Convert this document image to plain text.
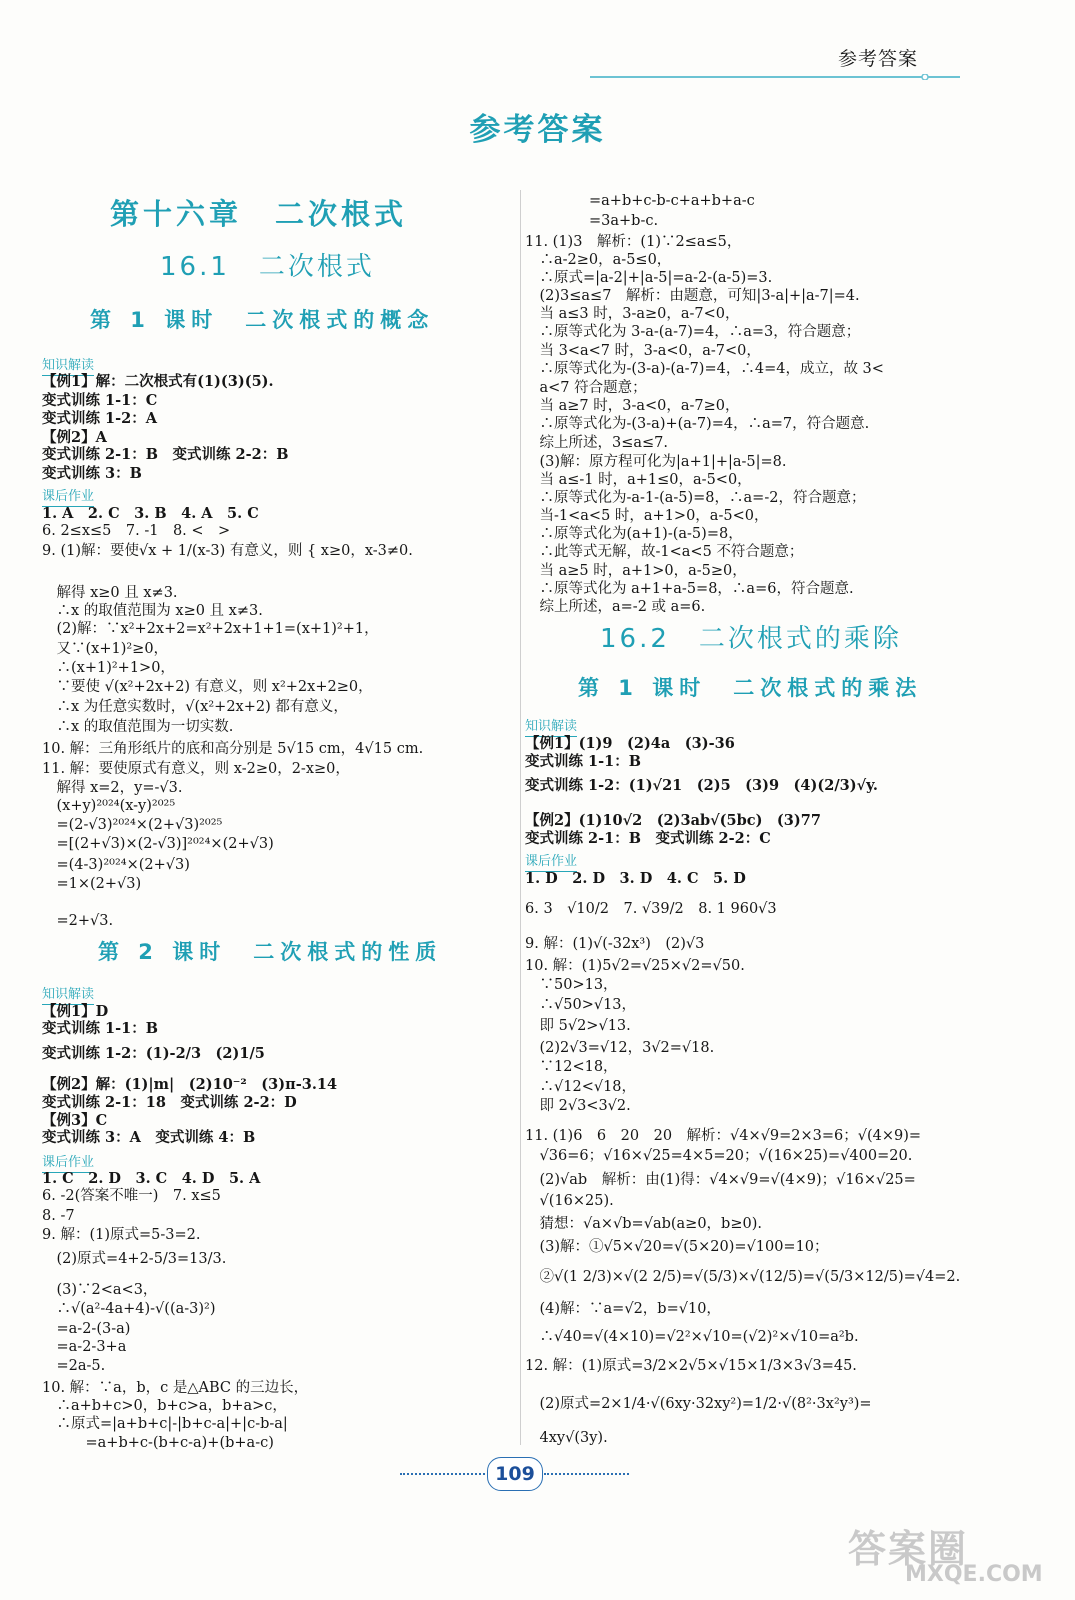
参考答案
参考答案
第十六章　二次根式
16.1　二次根式
第 1 课时　二次根式的概念
知识解读
【例1】解：二次根式有(1)(3)(5).
变式训练 1-1：C
变式训练 1-2：A
【例2】A
变式训练 2-1：B　变式训练 2-2：B
变式训练 3：B
课后作业
1. A　2. C　3. B　4. A　5. C
6. 2≤x≤5　7. -1　8. <　>
9. (1)解：要使√x + 1/(x-3) 有意义，则 { x≥0，x-3≠0.
　解得 x≥0 且 x≠3.
　∴x 的取值范围为 x≥0 且 x≠3.
　(2)解：∵x²+2x+2=x²+2x+1+1=(x+1)²+1，
　又∵(x+1)²≥0，
　∴(x+1)²+1>0，
　∵要使 √(x²+2x+2) 有意义，则 x²+2x+2≥0，
　∴x 为任意实数时，√(x²+2x+2) 都有意义，
　∴x 的取值范围为一切实数.
10. 解：三角形纸片的底和高分别是 5√15 cm，4√15 cm.
11. 解：要使原式有意义，则 x-2≥0，2-x≥0，
　解得 x=2，y=-√3.
　(x+y)²⁰²⁴(x-y)²⁰²⁵
　=(2-√3)²⁰²⁴×(2+√3)²⁰²⁵
　=[(2+√3)×(2-√3)]²⁰²⁴×(2+√3)
　=(4-3)²⁰²⁴×(2+√3)
　=1×(2+√3)
　=2+√3.
第 2 课时　二次根式的性质
知识解读
【例1】D
变式训练 1-1：B
变式训练 1-2：(1)-2/3　(2)1/5
【例2】解：(1)|m|　(2)10⁻²　(3)π-3.14
变式训练 2-1：18　变式训练 2-2：D
【例3】C
变式训练 3：A　变式训练 4：B
课后作业
1. C　2. D　3. C　4. D　5. A
6. -2(答案不唯一)　7. x≤5
8. -7
9. 解：(1)原式=5-3=2.
　(2)原式=4+2-5/3=13/3.
　(3)∵2<a<3，
　∴√(a²-4a+4)-√((a-3)²)
　=a-2-(3-a)
　=a-2-3+a
　=2a-5.
10. 解：∵a，b，c 是△ABC 的三边长，
　∴a+b+c>0，b+c>a，b+a>c，
　∴原式=|a+b+c|-|b+c-a|+|c-b-a|
　　　=a+b+c-(b+c-a)+(b+a-c)
　　=a+b+c-b-c+a+b+a-c
　　=3a+b-c.
11. (1)3　解析：(1)∵2≤a≤5，
　∴a-2≥0，a-5≤0，
　∴原式=|a-2|+|a-5|=a-2-(a-5)=3.
　(2)3≤a≤7　解析：由题意，可知|3-a|+|a-7|=4.
　当 a≤3 时，3-a≥0，a-7<0，
　∴原等式化为 3-a-(a-7)=4，∴a=3，符合题意；
　当 3<a<7 时，3-a<0，a-7<0，
　∴原等式化为-(3-a)-(a-7)=4，∴4=4，成立，故 3<
　a<7 符合题意；
　当 a≥7 时，3-a<0，a-7≥0，
　∴原等式化为-(3-a)+(a-7)=4，∴a=7，符合题意.
　综上所述，3≤a≤7.
　(3)解：原方程可化为|a+1|+|a-5|=8.
　当 a≤-1 时，a+1≤0，a-5<0，
　∴原等式化为-a-1-(a-5)=8，∴a=-2，符合题意；
　当-1<a<5 时，a+1>0，a-5<0，
　∴原等式化为(a+1)-(a-5)=8，
　∴此等式无解，故-1<a<5 不符合题意；
　当 a≥5 时，a+1>0，a-5≥0，
　∴原等式化为 a+1+a-5=8，∴a=6，符合题意.
　综上所述，a=-2 或 a=6.
16.2　二次根式的乘除
第 1 课时　二次根式的乘法
知识解读
【例1】(1)9　(2)4a　(3)-36
变式训练 1-1：B
变式训练 1-2：(1)√21　(2)5　(3)9　(4)(2/3)√y.
【例2】(1)10√2　(2)3ab√(5bc)　(3)77
变式训练 2-1：B　变式训练 2-2：C
课后作业
1. D　2. D　3. D　4. C　5. D
6. 3　√10/2　7. √39/2　8. 1 960√3
9. 解：(1)√(-32x³)　(2)√3
10. 解：(1)5√2=√25×√2=√50.
　∵50>13，
　∴√50>√13，
　即 5√2>√13.
　(2)2√3=√12，3√2=√18.
　∵12<18，
　∴√12<√18，
　即 2√3<3√2.
11. (1)6　6　20　20　解析：√4×√9=2×3=6；√(4×9)=
　√36=6；√16×√25=4×5=20；√(16×25)=√400=20.
　(2)√ab　解析：由(1)得：√4×√9=√(4×9)；√16×√25=
　√(16×25).
　猜想：√a×√b=√ab(a≥0，b≥0).
　(3)解：①√5×√20=√(5×20)=√100=10；
　②√(1 2/3)×√(2 2/5)=√(5/3)×√(12/5)=√(5/3×12/5)=√4=2.
　(4)解：∵a=√2，b=√10，
　∴√40=√(4×10)=√2²×√10=(√2)²×√10=a²b.
12. 解：(1)原式=3/2×2√5×√15×1/3×3√3=45.
　(2)原式=2×1/4·√(6xy·32xy²)=1/2·√(8²·3x²y³)=
　4xy√(3y).
109
答案圈
MXQE.COM
